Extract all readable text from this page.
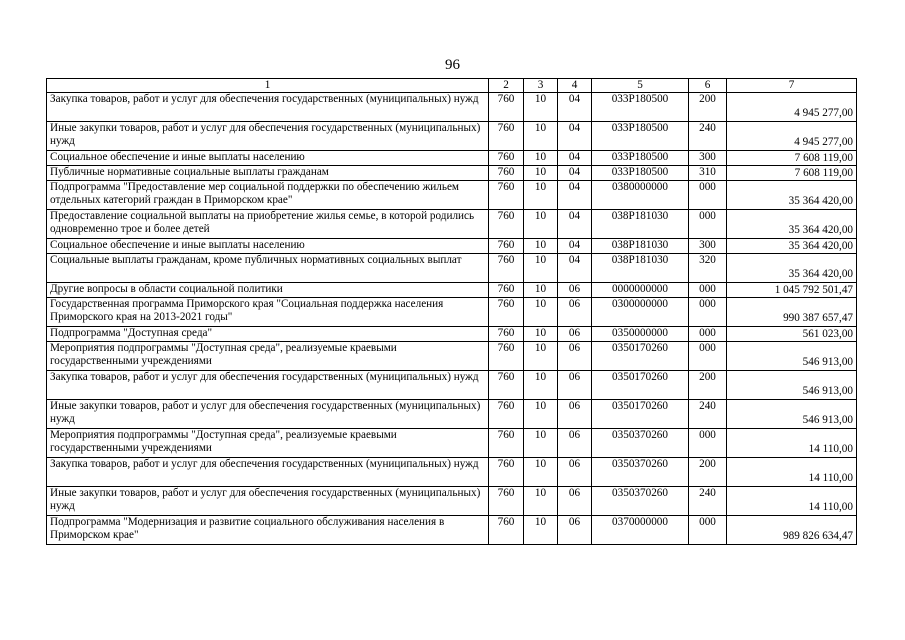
96
1	2	3	4	5	6	7
Закупка товаров, работ и услуг для обеспечения государственных (муниципальных) нужд	760	10	04	033P180500	200	4 945 277,00

Иные закупки товаров, работ и услуг для обеспечения государственных (муниципальных) нужд	760	10	04	033P180500	240	4 945 277,00

Социальное обеспечение и иные выплаты населению	760	10	04	033P180500	300	7 608 119,00

Публичные нормативные социальные выплаты гражданам	760	10	04	033P180500	310	7 608 119,00

Подпрограмма "Предоставление мер социальной поддержки по обеспечению жильем отдельных категорий граждан в Приморском крае"	760	10	04	0380000000	000	35 364 420,00

Предоставление социальной выплаты на приобретение жилья семье, в которой родились одновременно трое и более детей	760	10	04	038P181030	000	35 364 420,00

Социальное обеспечение и иные выплаты населению	760	10	04	038P181030	300	35 364 420,00

Социальные выплаты гражданам, кроме публичных нормативных социальных выплат	760	10	04	038P181030	320	35 364 420,00

Другие вопросы в области социальной политики	760	10	06	0000000000	000	1 045 792 501,47

Государственная программа Приморского края "Социальная поддержка населения Приморского края на 2013-2021 годы"	760	10	06	0300000000	000	990 387 657,47

Подпрограмма "Доступная среда"	760	10	06	0350000000	000	561 023,00

Мероприятия подпрограммы "Доступная среда", реализуемые краевыми государственными учреждениями	760	10	06	0350170260	000	546 913,00

Закупка товаров, работ и услуг для обеспечения государственных (муниципальных) нужд	760	10	06	0350170260	200	546 913,00

Иные закупки товаров, работ и услуг для обеспечения государственных (муниципальных) нужд	760	10	06	0350170260	240	546 913,00

Мероприятия подпрограммы "Доступная среда", реализуемые краевыми государственными учреждениями	760	10	06	0350370260	000	14 110,00

Закупка товаров, работ и услуг для обеспечения государственных (муниципальных) нужд	760	10	06	0350370260	200	14 110,00

Иные закупки товаров, работ и услуг для обеспечения государственных (муниципальных) нужд	760	10	06	0350370260	240	14 110,00

Подпрограмма "Модернизация и развитие социального обслуживания населения в Приморском крае"	760	10	06	0370000000	000	989 826 634,47
